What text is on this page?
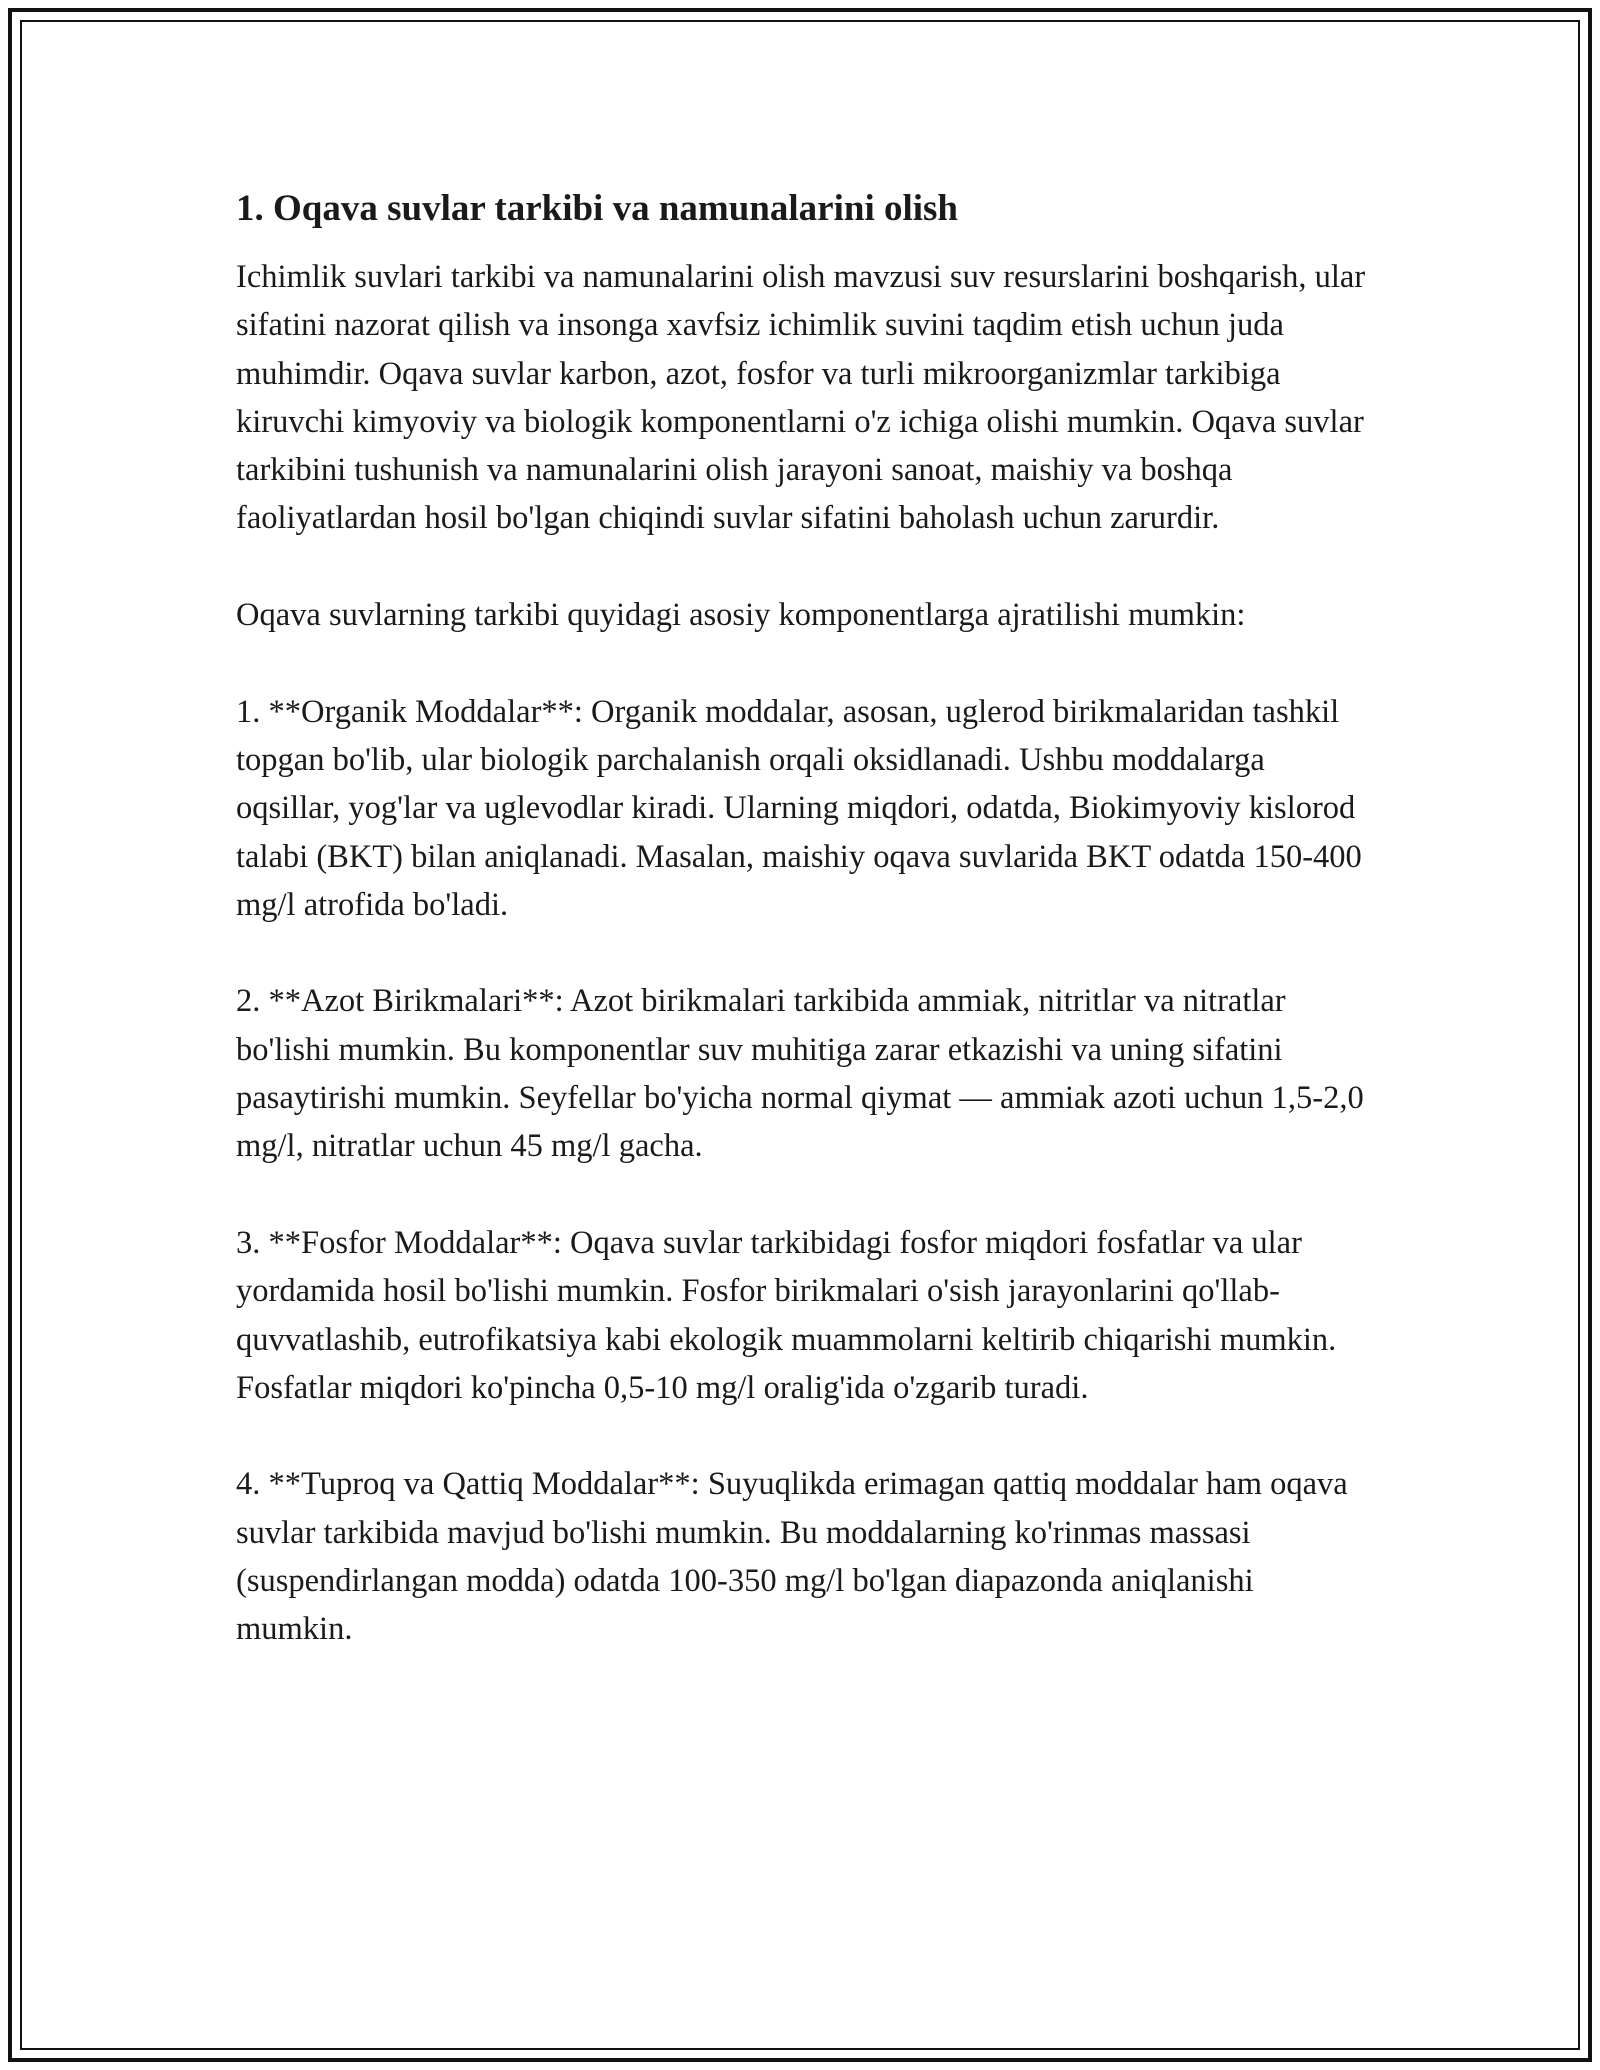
1. Oqava suvlar tarkibi va namunalarini olish

Ichimlik suvlari tarkibi va namunalarini olish mavzusi suv resurslarini boshqarish, ular sifatini nazorat qilish va insonga xavfsiz ichimlik suvini taqdim etish uchun juda muhimdir. Oqava suvlar karbon, azot, fosfor va turli mikroorganizmlar tarkibiga kiruvchi kimyoviy va biologik komponentlarni o'z ichiga olishi mumkin. Oqava suvlar tarkibini tushunish va namunalarini olish jarayoni sanoat, maishiy va boshqa faoliyatlardan hosil bo'lgan chiqindi suvlar sifatini baholash uchun zarurdir.

Oqava suvlarning tarkibi quyidagi asosiy komponentlarga ajratilishi mumkin:

1. **Organik Moddalar**: Organik moddalar, asosan, uglerod birikmalaridan tashkil topgan bo'lib, ular biologik parchalanish orqali oksidlanadi. Ushbu moddalarga oqsillar, yog'lar va uglevodlar kiradi. Ularning miqdori, odatda, Biokimyoviy kislorod talabi (BKT) bilan aniqlanadi. Masalan, maishiy oqava suvlarida BKT odatda 150-400 mg/l atrofida bo'ladi.

2. **Azot Birikmalari**: Azot birikmalari tarkibida ammiak, nitritlar va nitratlar bo'lishi mumkin. Bu komponentlar suv muhitiga zarar etkazishi va uning sifatini pasaytirishi mumkin. Seyfellar bo'yicha normal qiymat — ammiak azoti uchun 1,5-2,0 mg/l, nitratlar uchun 45 mg/l gacha.

3. **Fosfor Moddalar**: Oqava suvlar tarkibidagi fosfor miqdori fosfatlar va ular yordamida hosil bo'lishi mumkin. Fosfor birikmalari o'sish jarayonlarini qo'llab-quvvatlashib, eutrofikatsiya kabi ekologik muammolarni keltirib chiqarishi mumkin. Fosfatlar miqdori ko'pincha 0,5-10 mg/l oralig'ida o'zgarib turadi.

4. **Tuproq va Qattiq Moddalar**: Suyuqlikda erimagan qattiq moddalar ham oqava suvlar tarkibida mavjud bo'lishi mumkin. Bu moddalarning ko'rinmas massasi (suspendirlangan modda) odatda 100-350 mg/l bo'lgan diapazonda aniqlanishi mumkin.
